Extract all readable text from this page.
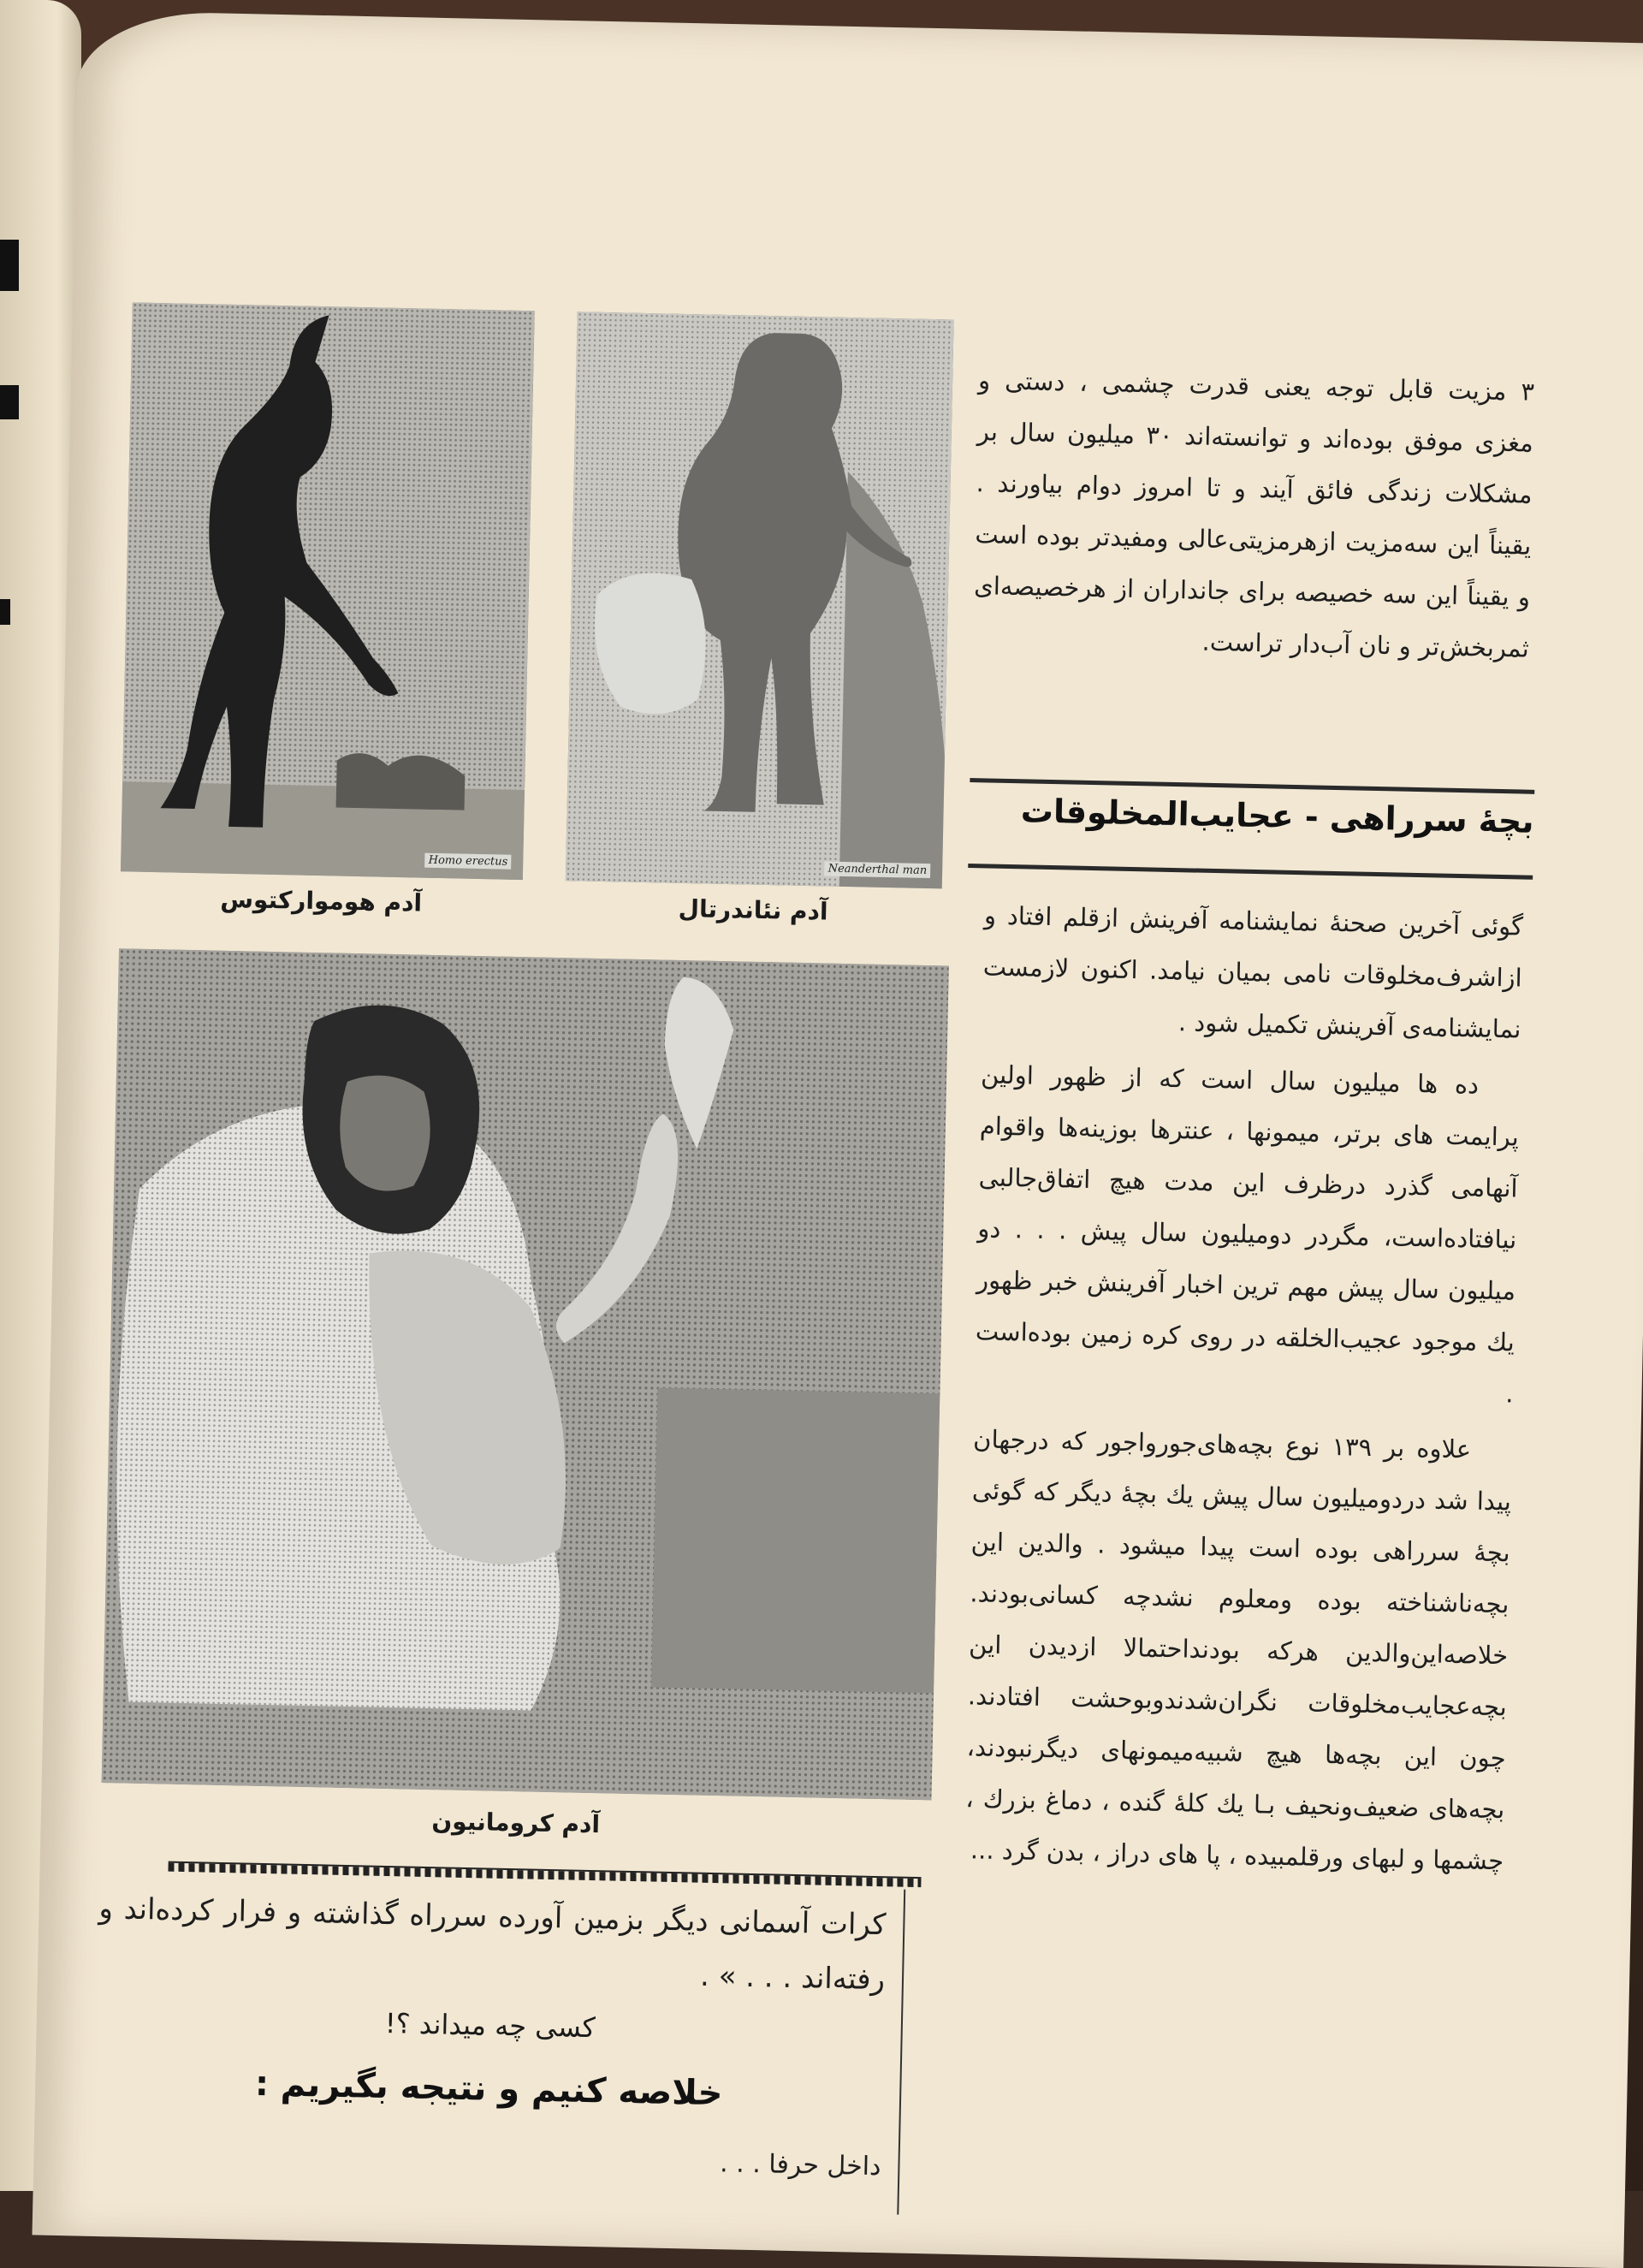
Homo erectus
آدم هوموارکتوس
Neanderthal man
آدم نئاندرتال

۳ مزیت قابل توجه یعنی قدرت چشمی ، دستی و مغزی موفق بوده‌اند و توانسته‌اند ۳۰ میلیون سال بر مشکلات زندگی فائق آیند و تا امروز دوام بیاورند . یقیناً این سه‌مزیت ازهرمزیتی‌عالی ومفیدتر بوده است و یقیناً این سه خصیصه برای جانداران از هرخصیصه‌ای ثمربخش‌تر و نان آب‌دار تراست.

بچهٔ سرراهی - عجایب‌المخلوقات

گوئی آخرین صحنهٔ نمایشنامه آفرینش ازقلم افتاد و ازاشرف‌مخلوقات نامی بمیان نیامد. اکنون لازمست نمایشنامه‌ی آفرینش تکمیل شود .

ده ها میلیون سال است که از ظهور اولین پرایمت های برتر، میمونها ، عنترها بوزینه‌ها واقوام آنهامی گذرد درظرف این مدت هیچ اتفاق‌جالبی نیافتاده‌است، مگردر دومیلیون سال پیش . . . دو میلیون سال پیش مهم ترین اخبار آفرینش خبر ظهور یك موجود عجیب‌الخلقه در روی کره زمین بوده‌است .

علاوه بر ۱۳۹ نوع بچه‌های‌جوروا‌جور که درجهان پیدا شد دردومیلیون سال پیش یك بچهٔ دیگر که گوئی بچهٔ سرراهی بوده است پیدا میشود . والدین این بچه‌ناشناخته بوده ومعلوم نشدچه کسانی‌بودند. خلاصه‌این‌والدین هرکه بودنداحتمالا ازدیدن این بچه‌عجایب‌مخلوقات نگران‌شدندوبوحشت افتادند. چون این بچه‌ها هیچ شبیه‌میمونهای دیگرنبودند، بچه‌های ضعیف‌ونحیف بـا یك کلهٔ گنده ، دماغ بزرك ، چشمها و لبهای ورقلمبیده ، پا های دراز ، بدن گرد ...

آدم کرومانیون

کرات آسمانی دیگر بزمین آورده سرراه گذاشته و فرار کرده‌اند و رفته‌اند . . . » .

کسی چه میداند ؟!
خلاصه کنیم و نتیجه بگیریم :

داخل حرفا . . .
